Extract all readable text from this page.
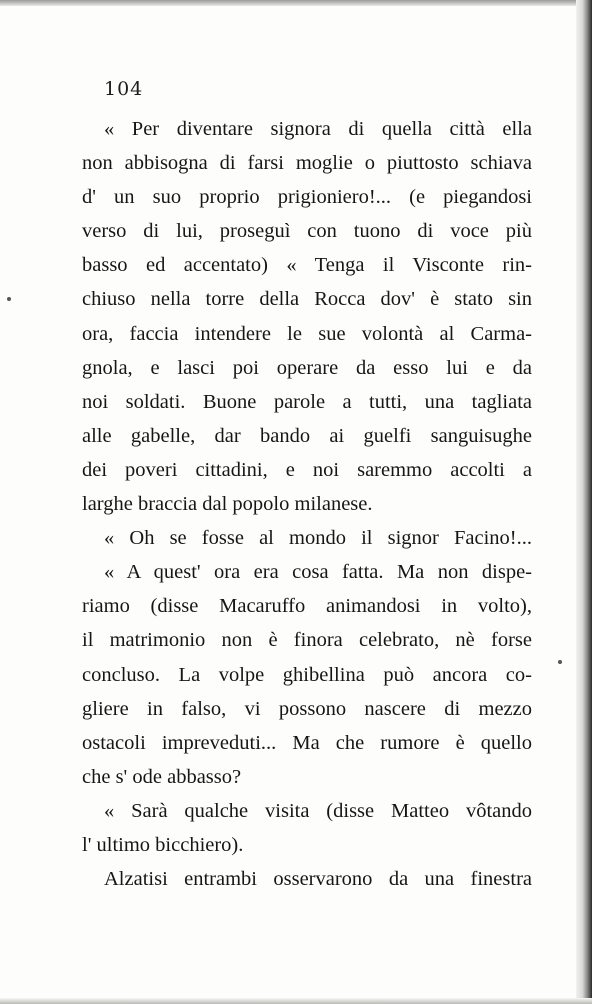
104
« Per diventare signora di quella città ella
non abbisogna di farsi moglie o piuttosto schiava
d' un suo proprio prigioniero!... (e piegandosi
verso di lui, proseguì con tuono di voce più
basso ed accentato) « Tenga il Visconte rin-
chiuso nella torre della Rocca dov' è stato sin
ora, faccia intendere le sue volontà al Carma-
gnola, e lasci poi operare da esso lui e da
noi soldati. Buone parole a tutti, una tagliata
alle gabelle, dar bando ai guelfi sanguisughe
dei poveri cittadini, e noi saremmo accolti a
larghe braccia dal popolo milanese.
« Oh se fosse al mondo il signor Facino!...
« A quest' ora era cosa fatta. Ma non dispe-
riamo (disse Macaruffo animandosi in volto),
il matrimonio non è finora celebrato, nè forse
concluso. La volpe ghibellina può ancora co-
gliere in falso, vi possono nascere di mezzo
ostacoli impreveduti... Ma che rumore è quello
che s' ode abbasso?
« Sarà qualche visita (disse Matteo vôtando
l' ultimo bicchiero).
Alzatisi entrambi osservarono da una finestra
